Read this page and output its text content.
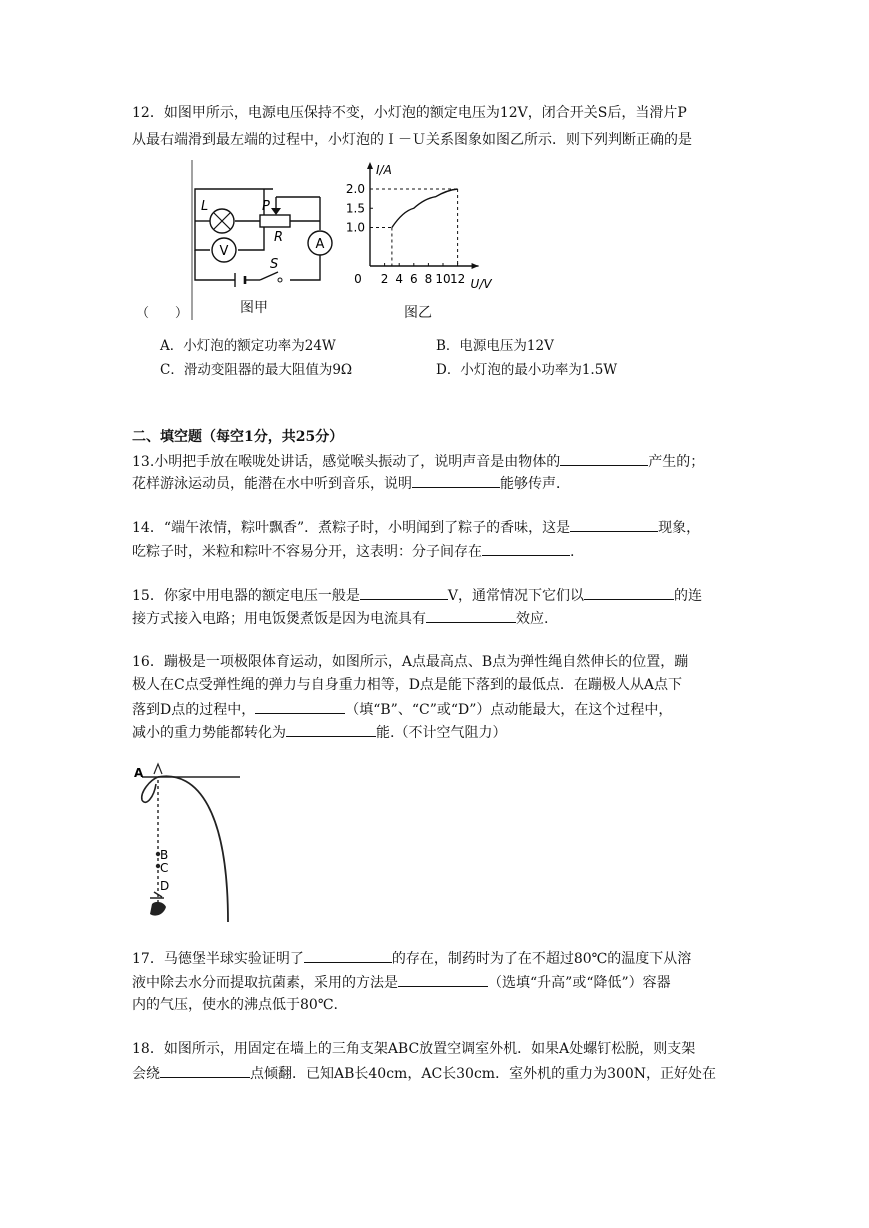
12．如图甲所示，电源电压保持不变，小灯泡的额定电压为12V，闭合开关S后，当滑片P
从最右端滑到最左端的过程中，小灯泡的Ｉ－Ｕ关系图象如图乙所示．则下列判断正确的是
V	A
L	P
R
S
图甲
（　　）
0 2 4 6 8 10 12
1.0
1.5
2.0
I/A
U/V
图乙
A．小灯泡的额定功率为24W	B．电源电压为12V
C．滑动变阻器的最大阻值为9Ω	D．小灯泡的最小功率为1.5W
二、填空题（每空1分，共25分）
13.小明把手放在喉咙处讲话，感觉喉头振动了，说明声音是由物体的	产生的；
花样游泳运动员，能潜在水中听到音乐，说明	能够传声．
14．“端午浓情，粽叶飘香”．煮粽子时，小明闻到了粽子的香味，这是	现象，
吃粽子时，米粒和粽叶不容易分开，这表明：分子间存在	.
15．你家中用电器的额定电压一般是	V，通常情况下它们以	的连
接方式接入电路；用电饭煲煮饭是因为电流具有	效应.
16．蹦极是一项极限体育运动，如图所示，A点最高点、B点为弹性绳自然伸长的位置，蹦
极人在C点受弹性绳的弹力与自身重力相等，D点是能下落到的最低点．在蹦极人从A点下
落到D点的过程中，	（填“B”、“C”或“D”）点动能最大，在这个过程中，
减小的重力势能都转化为	能.（不计空气阻力）
A
B
C
D
17．马德堡半球实验证明了	的存在，制药时为了在不超过80℃的温度下从溶
液中除去水分而提取抗菌素，采用的方法是	（选填“升高”或“降低”）容器
内的气压，使水的沸点低于80℃.
18．如图所示，用固定在墙上的三角支架ABC放置空调室外机．如果A处螺钉松脱，则支架
会绕	点倾翻．已知AB长40cm，AC长30cm．室外机的重力为300N，正好处在
